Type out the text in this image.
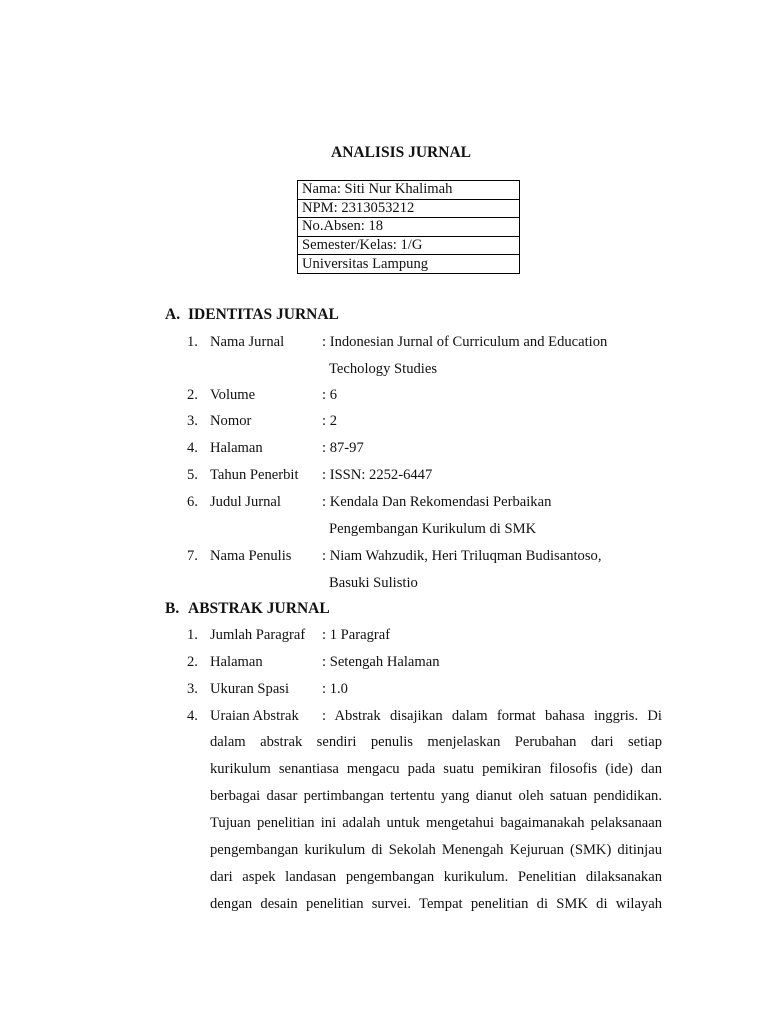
ANALISIS JURNAL
Nama: Siti Nur Khalimah
NPM: 2313053212
No.Absen: 18
Semester/Kelas: 1/G
Universitas Lampung
A. IDENTITAS JURNAL
1. Nama Jurnal	: Indonesian Jurnal of Curriculum and Education
Techology Studies
2. Volume	: 6
3. Nomor	: 2
4. Halaman	: 87-97
5. Tahun Penerbit : ISSN: 2252-6447
6. Judul Jurnal	: Kendala Dan Rekomendasi Perbaikan
Pengembangan Kurikulum di SMK
7. Nama Penulis : Niam Wahzudik, Heri Triluqman Budisantoso,
Basuki Sulistio
B. ABSTRAK JURNAL
1. Jumlah Paragraf : 1 Paragraf
2. Halaman	: Setengah Halaman
3. Ukuran Spasi : 1.0
4. Uraian Abstrak : Abstrak disajikan dalam format bahasa inggris. Di
dalam abstrak sendiri penulis menjelaskan Perubahan dari setiap
kurikulum senantiasa mengacu pada suatu pemikiran filosofis (ide) dan
berbagai dasar pertimbangan tertentu yang dianut oleh satuan pendidikan.
Tujuan penelitian ini adalah untuk mengetahui bagaimanakah pelaksanaan
pengembangan kurikulum di Sekolah Menengah Kejuruan (SMK) ditinjau
dari aspek landasan pengembangan kurikulum. Penelitian dilaksanakan
dengan desain penelitian survei. Tempat penelitian di SMK di wilayah
